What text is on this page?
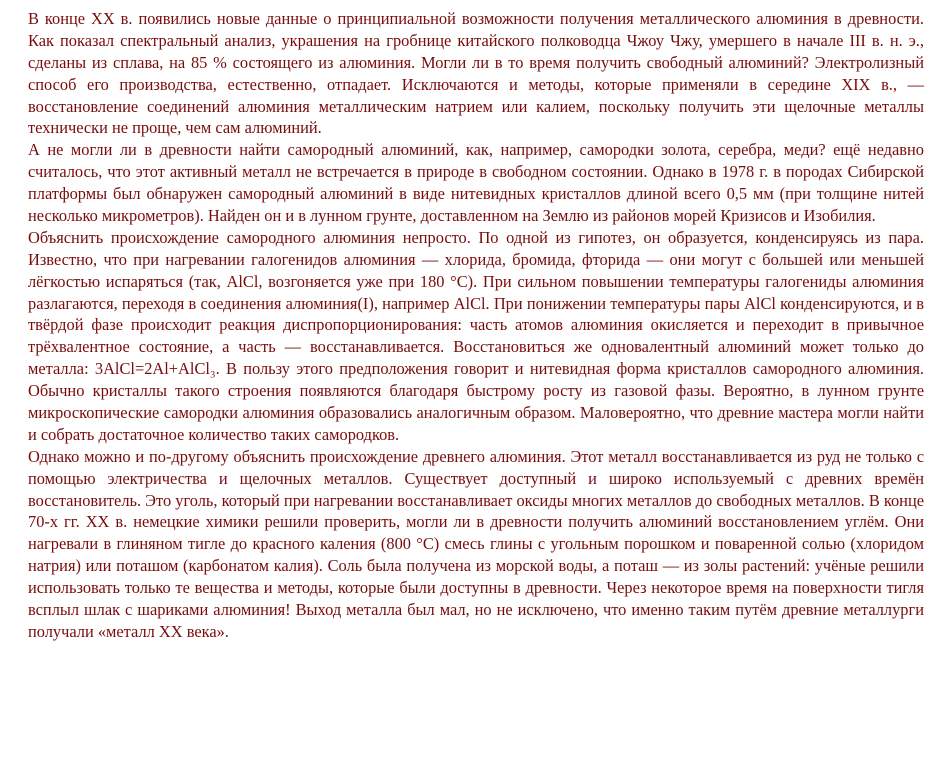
В конце XX в. появились новые данные о принципиальной возможности получения металлического алюминия в древности. Как показал спектральный анализ, украшения на гробнице китайского полководца Чжоу Чжу, умершего в начале III в. н. э., сделаны из сплава, на 85 % состоящего из алюминия. Могли ли в то время получить свободный алюминий? Электролизный способ его производства, естественно, отпадает. Исключаются и методы, которые применяли в середине XIX в., — восстановление соединений алюминия металлическим натрием или калием, поскольку получить эти щелочные металлы технически не проще, чем сам алюминий.

А не могли ли в древности найти самородный алюминий, как, например, самородки золота, серебра, меди? ещё недавно считалось, что этот активный металл не встречается в природе в свободном состоянии. Однако в 1978 г. в породах Сибирской платформы был обнаружен самородный алюминий в виде нитевидных кристаллов длиной всего 0,5 мм (при толщине нитей несколько микрометров). Найден он и в лунном грунте, доставленном на Землю из районов морей Кризисов и Изобилия.

Объяснить происхождение самородного алюминия непросто. По одной из гипотез, он образуется, конденсируясь из пара. Известно, что при нагревании галогенидов алюминия — хлорида, бромида, фторида — они могут с большей или меньшей лёгкостью испаряться (так, AlCl, возгоняется уже при 180 °С). При сильном повышении температуры галогениды алюминия разлагаются, переходя в соединения алюминия(I), например AlCl. При понижении температуры пары AlCl конденсируются, и в твёрдой фазе происходит реакция диспропорционирования: часть атомов алюминия окисляется и переходит в привычное трёхвалентное состояние, а часть — восстанавливается. Восстановиться же одновалентный алюминий может только до металла: 3AlCl=2Al+AlCl₃. В пользу этого предположения говорит и нитевидная форма кристаллов самородного алюминия. Обычно кристаллы такого строения появляются благодаря быстрому росту из газовой фазы. Вероятно, в лунном грунте микроскопические самородки алюминия образовались аналогичным образом. Маловероятно, что древние мастера могли найти и собрать достаточное количество таких самородков.

Однако можно и по-другому объяснить происхождение древнего алюминия. Этот металл восстанавливается из руд не только с помощью электричества и щелочных металлов. Существует доступный и широко используемый с древних времён восстановитель. Это уголь, который при нагревании восстанавливает оксиды многих металлов до свободных металлов. В конце 70-х гг. XX в. немецкие химики решили проверить, могли ли в древности получить алюминий восстановлением углём. Они нагревали в глиняном тигле до красного каления (800 °С) смесь глины с угольным порошком и поваренной солью (хлоридом натрия) или поташом (карбонатом калия). Соль была получена из морской воды, а поташ — из золы растений: учёные решили использовать только те вещества и методы, которые были доступны в древности. Через некоторое время на поверхности тигля всплыл шлак с шариками алюминия! Выход металла был мал, но не исключено, что именно таким путём древние металлурги получали «металл XX века».
